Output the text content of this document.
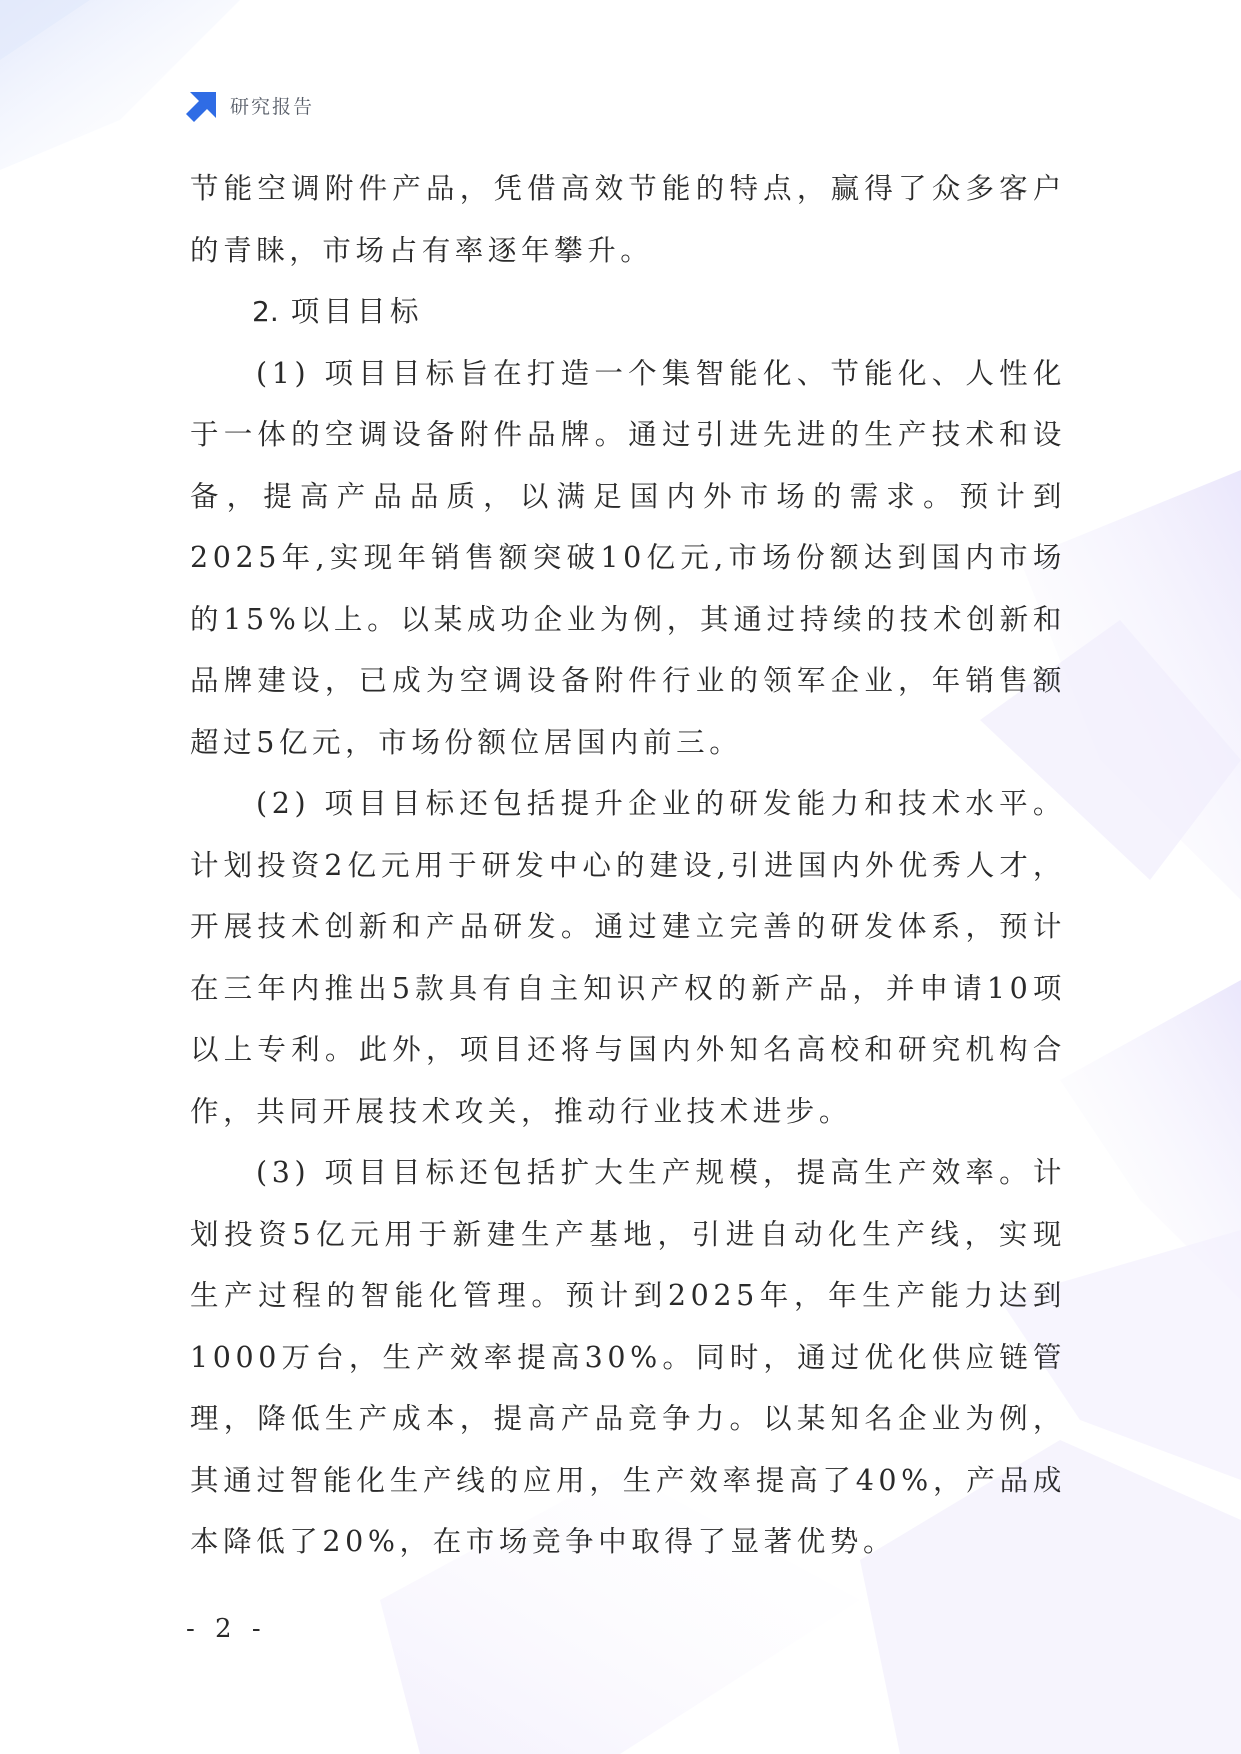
研究报告

节能空调附件产品，凭借高效节能的特点，赢得了众多客户的青睐，市场占有率逐年攀升。

2. 项目目标

(1) 项目目标旨在打造一个集智能化、节能化、人性化于一体的空调设备附件品牌。通过引进先进的生产技术和设备，提高产品品质，以满足国内外市场的需求。预计到2025年,实现年销售额突破10亿元,市场份额达到国内市场的15%以上。以某成功企业为例，其通过持续的技术创新和品牌建设，已成为空调设备附件行业的领军企业，年销售额超过5亿元，市场份额位居国内前三。

(2) 项目目标还包括提升企业的研发能力和技术水平。计划投资2亿元用于研发中心的建设,引进国内外优秀人才，开展技术创新和产品研发。通过建立完善的研发体系，预计在三年内推出5款具有自主知识产权的新产品，并申请10项以上专利。此外，项目还将与国内外知名高校和研究机构合作，共同开展技术攻关，推动行业技术进步。

(3) 项目目标还包括扩大生产规模，提高生产效率。计划投资5亿元用于新建生产基地，引进自动化生产线，实现生产过程的智能化管理。预计到2025年，年生产能力达到1000万台，生产效率提高30%。同时，通过优化供应链管理，降低生产成本，提高产品竞争力。以某知名企业为例，其通过智能化生产线的应用，生产效率提高了40%，产品成本降低了20%，在市场竞争中取得了显著优势。

- 2 -
